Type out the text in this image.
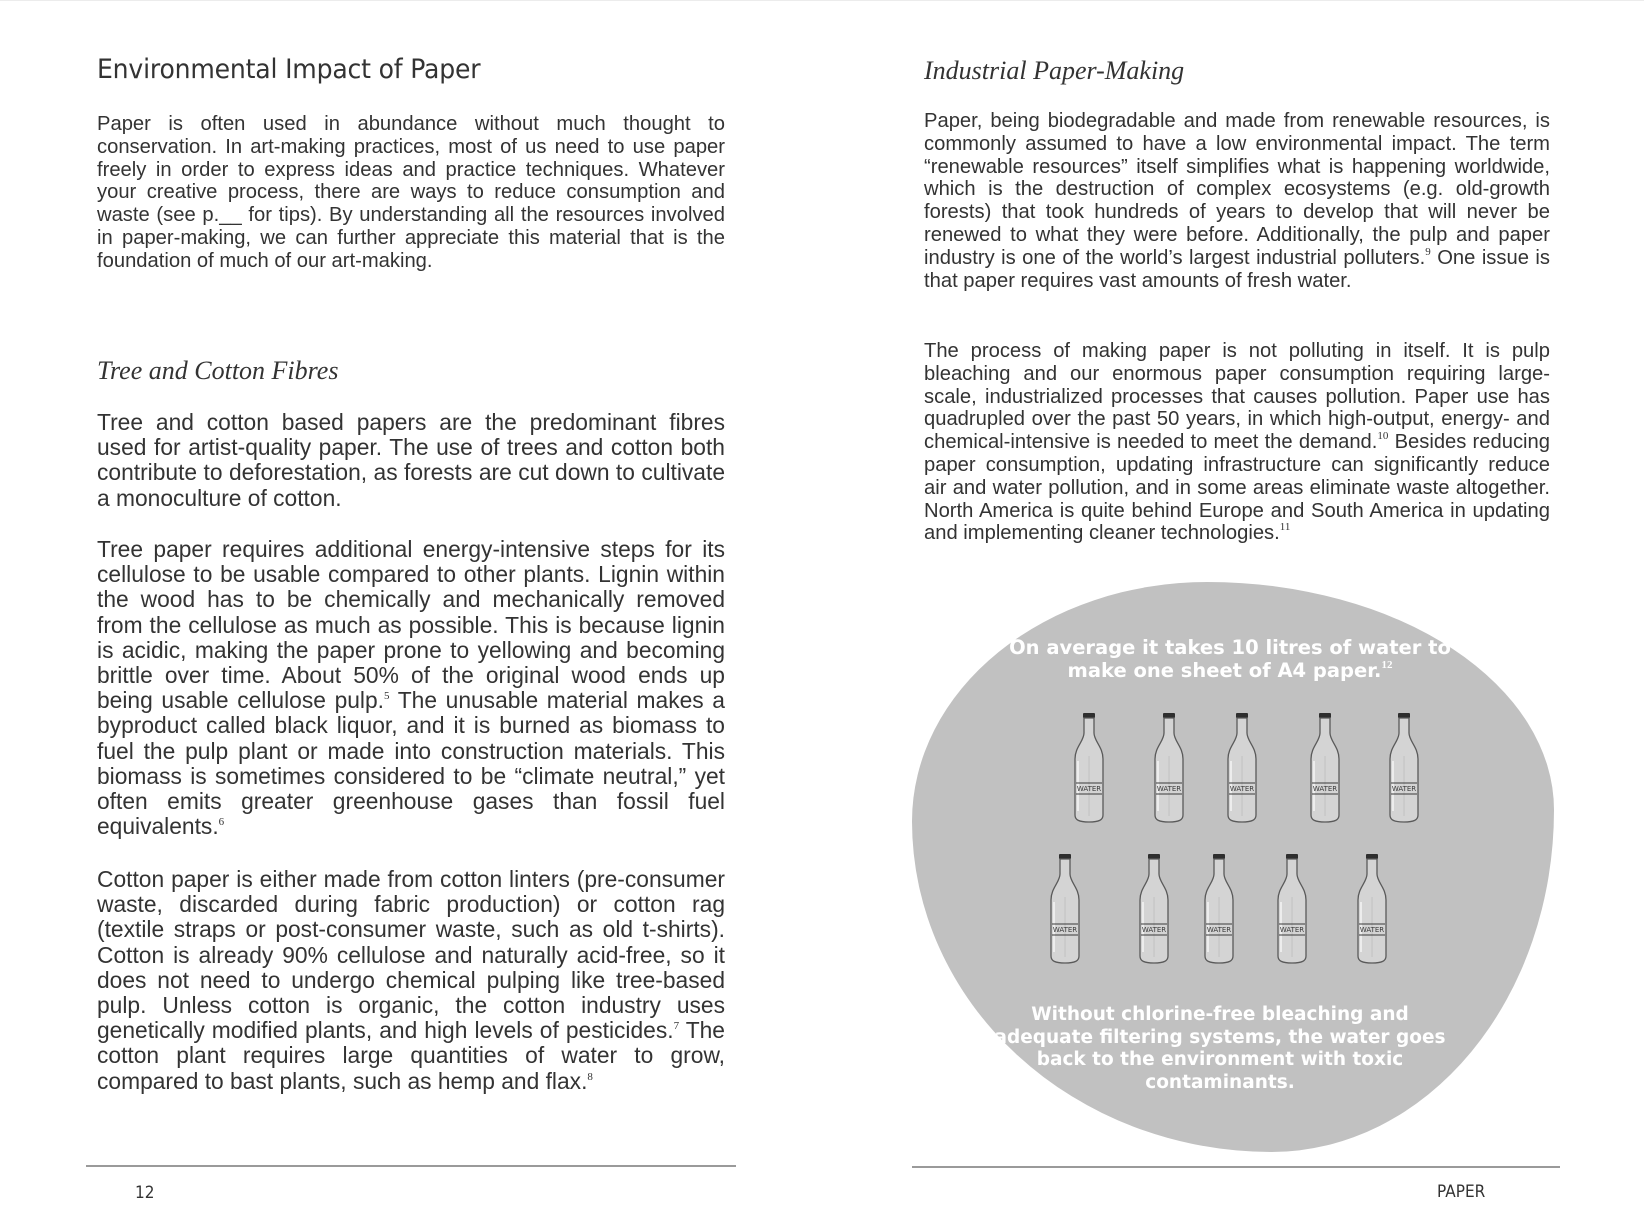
Environmental Impact of Paper

Paper is often used in abundance without much thought to conservation. In art-making practices, most of us need to use paper freely in order to express ideas and practice techniques. Whatever your creative process, there are ways to reduce consumption and waste (see p.__ for tips). By understanding all the resources involved in paper-making, we can further appreciate this material that is the foundation of much of our art-making.

Tree and Cotton Fibres

Tree and cotton based papers are the predominant fibres used for artist-quality paper. The use of trees and cotton both contribute to deforestation, as forests are cut down to cultivate a monoculture of cotton.

Tree paper requires additional energy-intensive steps for its cellulose to be usable compared to other plants. Lignin within the wood has to be chemically and mechanically removed from the cellulose as much as possible. This is because lignin is acidic, making the paper prone to yellowing and becoming brittle over time. About 50% of the original wood ends up being usable cellulose pulp.$^5$ The unusable material makes a byproduct called black liquor, and it is burned as biomass to fuel the pulp plant or made into construction materials. This biomass is sometimes considered to be “climate neutral,” yet often emits greater greenhouse gases than fossil fuel equivalents.$^6$

Cotton paper is either made from cotton linters (pre-consumer waste, discarded during fabric production) or cotton rag (textile straps or post-consumer waste, such as old t-shirts). Cotton is already 90% cellulose and naturally acid-free, so it does not need to undergo chemical pulping like tree-based pulp. Unless cotton is organic, the cotton industry uses genetically modified plants, and high levels of pesticides.$^7$ The cotton plant requires large quantities of water to grow, compared to bast plants, such as hemp and flax.$^8$

12
Industrial Paper-Making

Paper, being biodegradable and made from renewable resources, is commonly assumed to have a low environmental impact. The term “renewable resources” itself simplifies what is happening worldwide, which is the destruction of complex ecosystems (e.g. old-growth forests) that took hundreds of years to develop that will never be renewed to what they were before. Additionally, the pulp and paper industry is one of the world’s largest industrial polluters.$^9$ One issue is that paper requires vast amounts of fresh water.

The process of making paper is not polluting in itself. It is pulp bleaching and our enormous paper consumption requiring large-scale, industrialized processes that causes pollution. Paper use has quadrupled over the past 50 years, in which high-output, energy- and chemical-intensive is needed to meet the demand.$^{10}$ Besides reducing paper consumption, updating infrastructure can significantly reduce air and water pollution, and in some areas eliminate waste altogether. North America is quite behind Europe and South America in updating and implementing cleaner technologies.$^{11}$

On average it takes 10 litres of water to make one sheet of A4 paper.$^{12}$

Without chlorine-free bleaching and adequate filtering systems, the water goes back to the environment with toxic contaminants.

PAPER
